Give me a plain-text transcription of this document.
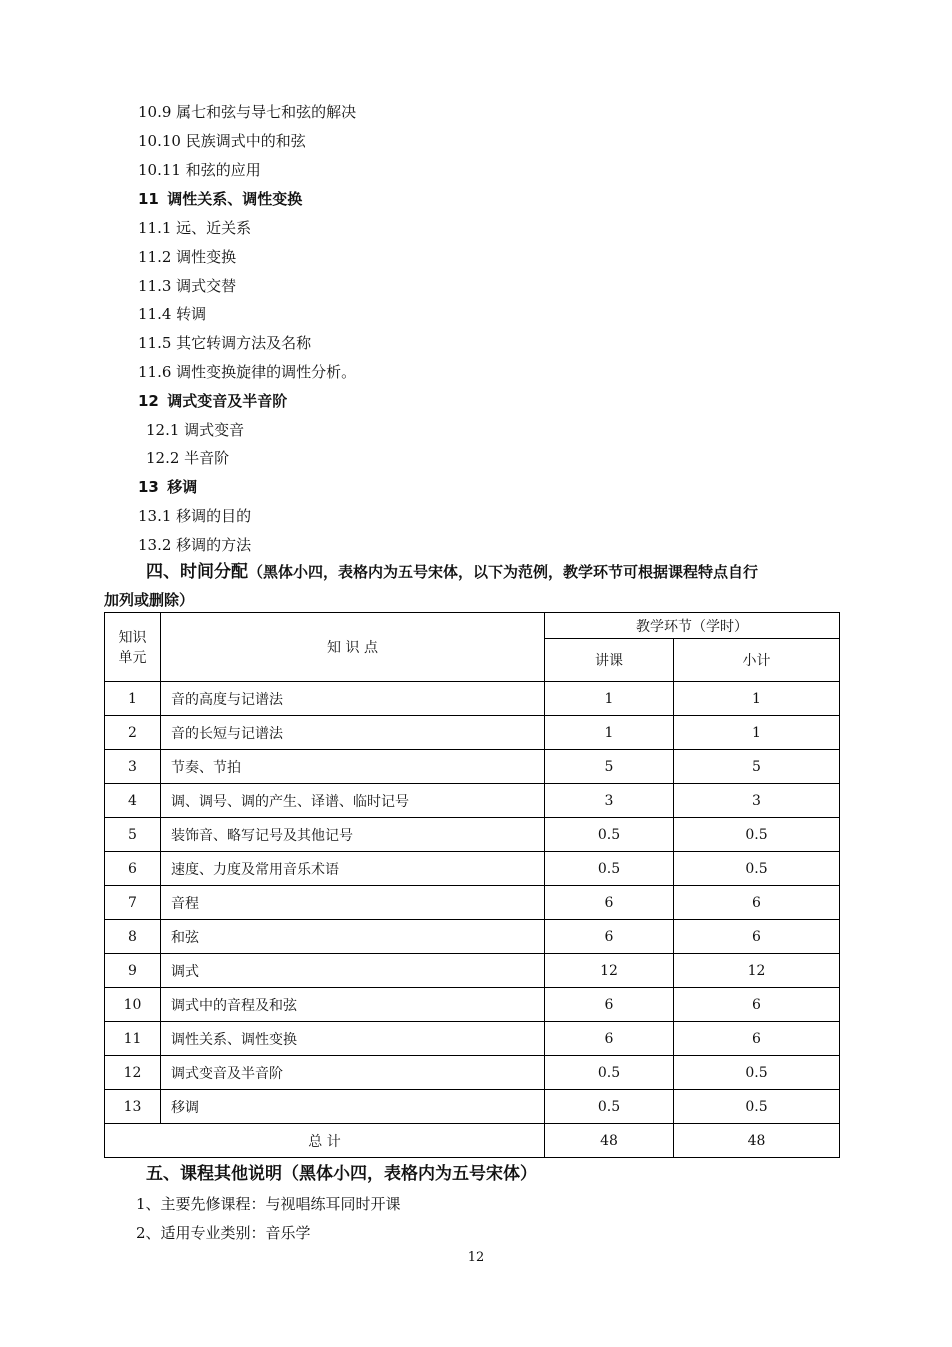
10.9 属七和弦与导七和弦的解决
10.10 民族调式中的和弦
10.11 和弦的应用
11 调性关系、调性变换
11.1 远、近关系
11.2 调性变换
11.3 调式交替
11.4 转调
11.5 其它转调方法及名称
11.6 调性变换旋律的调性分析。
12 调式变音及半音阶
12.1 调式变音
12.2 半音阶
13 移调
13.1 移调的目的
13.2 移调的方法
四、时间分配（黑体小四，表格内为五号宋体，以下为范例，教学环节可根据课程特点自行
加列或删除）
知识
单元	知 识 点	教学环节（学时）	
		讲课	小计
1	音的高度与记谱法	1	1
2	音的长短与记谱法	1	1
3	节奏、节拍	5	5
4	调、调号、调的产生、译谱、临时记号	3	3
5	装饰音、略写记号及其他记号	0.5	0.5
6	速度、力度及常用音乐术语	0.5	0.5
7	音程	6	6
8	和弦	6	6
9	调式	12	12
10	调式中的音程及和弦	6	6
11	调性关系、调性变换	6	6
12	调式变音及半音阶	0.5	0.5
13	移调	0.5	0.5
总 计		48	48
五、课程其他说明（黑体小四，表格内为五号宋体）
1、主要先修课程：与视唱练耳同时开课
2、适用专业类别：音乐学
12
